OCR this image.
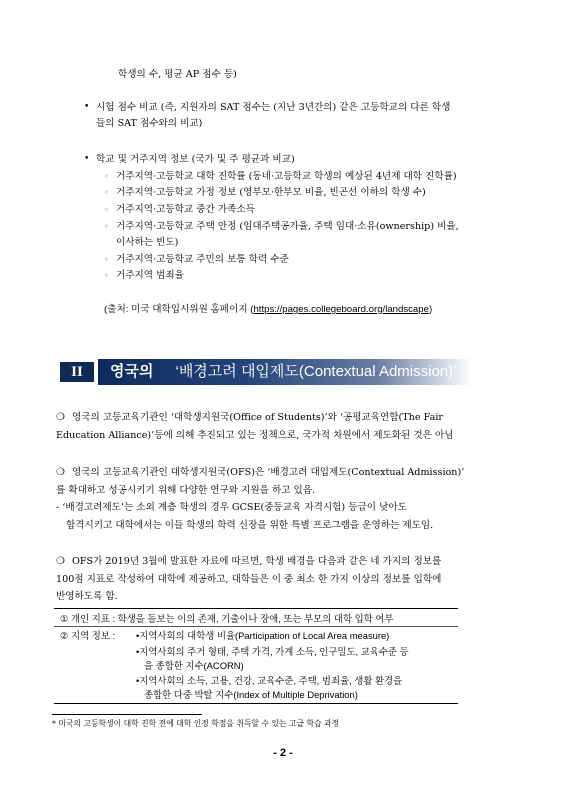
학생의 수, 평균 AP 점수 등)
• 시험 점수 비교 (즉, 지원자의 SAT 점수는 (지난 3년간의) 같은 고등학교의 다른 학생
들의 SAT 점수와의 비교)
• 학교 및 거주지역 정보 (국가 및 주 평균과 비교)
◦ 거주지역·고등학교 대학 진학률 (동네·고등학교 학생의 예상된 4년제 대학 진학률)
◦ 거주지역·고등학교 가정 정보 (영부모·한부모 비율, 빈곤선 이하의 학생 수)
◦ 거주지역·고등학교 중간 가족소득
◦ 거주지역·고등학교 주택 안정 (임대주택공가율, 주택 임대·소유(ownership) 비율,
이사하는 빈도)
◦ 거주지역·고등학교 주민의 보통 학력 수준
◦ 거주지역 범죄율
(출처: 미국 대학입시위원 홈페이지 (https://pages.collegeboard.org/landscape)
II	영국의 ‘배경고려 대입제도(Contextual Admission)’
❍ 영국의 고등교육기관인 ‘대학생지원국(Office of Students)’와 ‘공평교육연합(The Fair
Education Alliance)’등에 의해 추진되고 있는 정책으로, 국가적 차원에서 제도화된 것은 아님
❍ 영국의 고등교육기관인 대학생지원국(OFS)은 ‘배경고려 대입제도(Contextual Admission)’
를 확대하고 성공시키기 위해 다양한 연구와 지원을 하고 있음.
- ‘배경고려제도’는 소외 계층 학생의 경우 GCSE(중등교육 자격시험) 등급이 낮아도
합격시키고 대학에서는 이들 학생의 학력 신장을 위한 특별 프로그램을 운영하는 제도임.
❍ OFS가 2019년 3월에 발표한 자료에 따르면, 학생 배경을 다음과 같은 네 가지의 정보를
100점 지표로 작성하여 대학에 제공하고, 대학들은 이 중 최소 한 가지 이상의 정보를 입학에
반영하도록 함.
① 개인 지표 : 학생을 돌보는 이의 존재, 기출이나 장애, 또는 부모의 대학 입학 여부
② 지역 정보 : •지역사회의 대학생 비율(Participation of Local Area measure)
•지역사회의 주거 형태, 주택 가격, 가계 소득, 인구밀도, 교육수준 등
을 종합한 지수(ACORN)
•지역사회의 소득, 고용, 건강, 교육수준, 주택, 범죄율, 생활 환경을
종합한 다중 박탈 지수(Index of Multiple Deprivation)
* 미국의 고등학생이 대학 진학 전에 대학 인정 학점을 취득할 수 있는 고급 학습 과정
- 2 -
